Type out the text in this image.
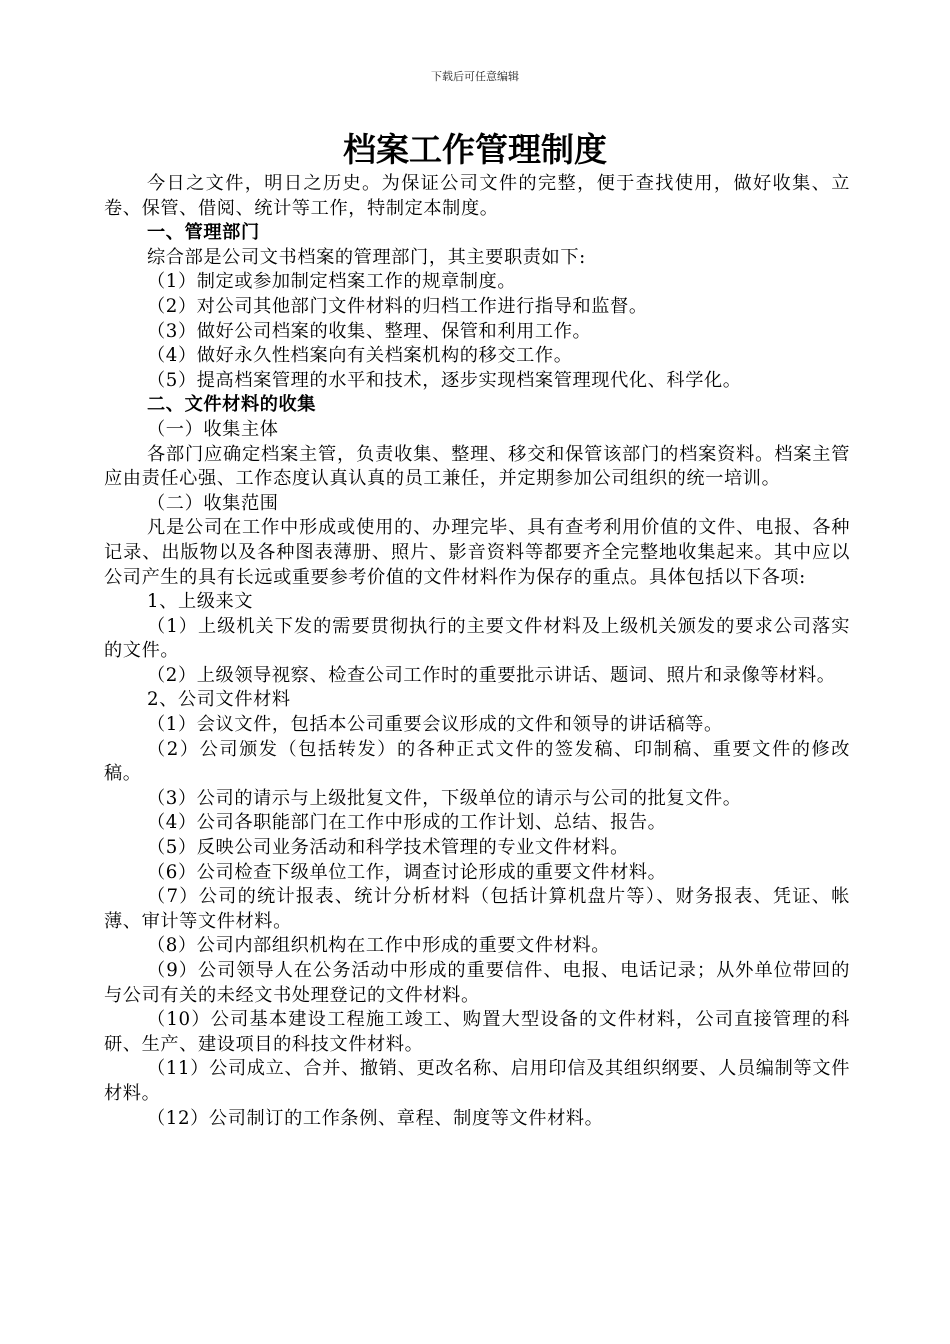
下载后可任意编辑
档案工作管理制度

今日之文件，明日之历史。为保证公司文件的完整，便于查找使用，做好收集、立卷、保管、借阅、统计等工作，特制定本制度。

一、管理部门

综合部是公司文书档案的管理部门，其主要职责如下:

（1）制定或参加制定档案工作的规章制度。

（2）对公司其他部门文件材料的归档工作进行指导和监督。

（3）做好公司档案的收集、整理、保管和利用工作。

（4）做好永久性档案向有关档案机构的移交工作。

（5）提高档案管理的水平和技术，逐步实现档案管理现代化、科学化。

二、文件材料的收集

（一）收集主体

各部门应确定档案主管，负责收集、整理、移交和保管该部门的档案资料。档案主管应由责任心强、工作态度认真认真的员工兼任，并定期参加公司组织的统一培训。

（二）收集范围

凡是公司在工作中形成或使用的、办理完毕、具有查考利用价值的文件、电报、各种记录、出版物以及各种图表薄册、照片、影音资料等都要齐全完整地收集起来。其中应以公司产生的具有长远或重要参考价值的文件材料作为保存的重点。具体包括以下各项:

1、上级来文

（1）上级机关下发的需要贯彻执行的主要文件材料及上级机关颁发的要求公司落实的文件。

（2）上级领导视察、检查公司工作时的重要批示讲话、题词、照片和录像等材料。

2、公司文件材料

（1）会议文件，包括本公司重要会议形成的文件和领导的讲话稿等。

（2）公司颁发（包括转发）的各种正式文件的签发稿、印制稿、重要文件的修改稿。

（3）公司的请示与上级批复文件，下级单位的请示与公司的批复文件。

（4）公司各职能部门在工作中形成的工作计划、总结、报告。

（5）反映公司业务活动和科学技术管理的专业文件材料。

（6）公司检查下级单位工作，调查讨论形成的重要文件材料。

（7）公司的统计报表、统计分析材料（包括计算机盘片等）、财务报表、凭证、帐薄、审计等文件材料。

（8）公司内部组织机构在工作中形成的重要文件材料。

（9）公司领导人在公务活动中形成的重要信件、电报、电话记录；从外单位带回的与公司有关的未经文书处理登记的文件材料。

（10）公司基本建设工程施工竣工、购置大型设备的文件材料，公司直接管理的科研、生产、建设项目的科技文件材料。

（11）公司成立、合并、撤销、更改名称、启用印信及其组织纲要、人员编制等文件材料。

（12）公司制订的工作条例、章程、制度等文件材料。
